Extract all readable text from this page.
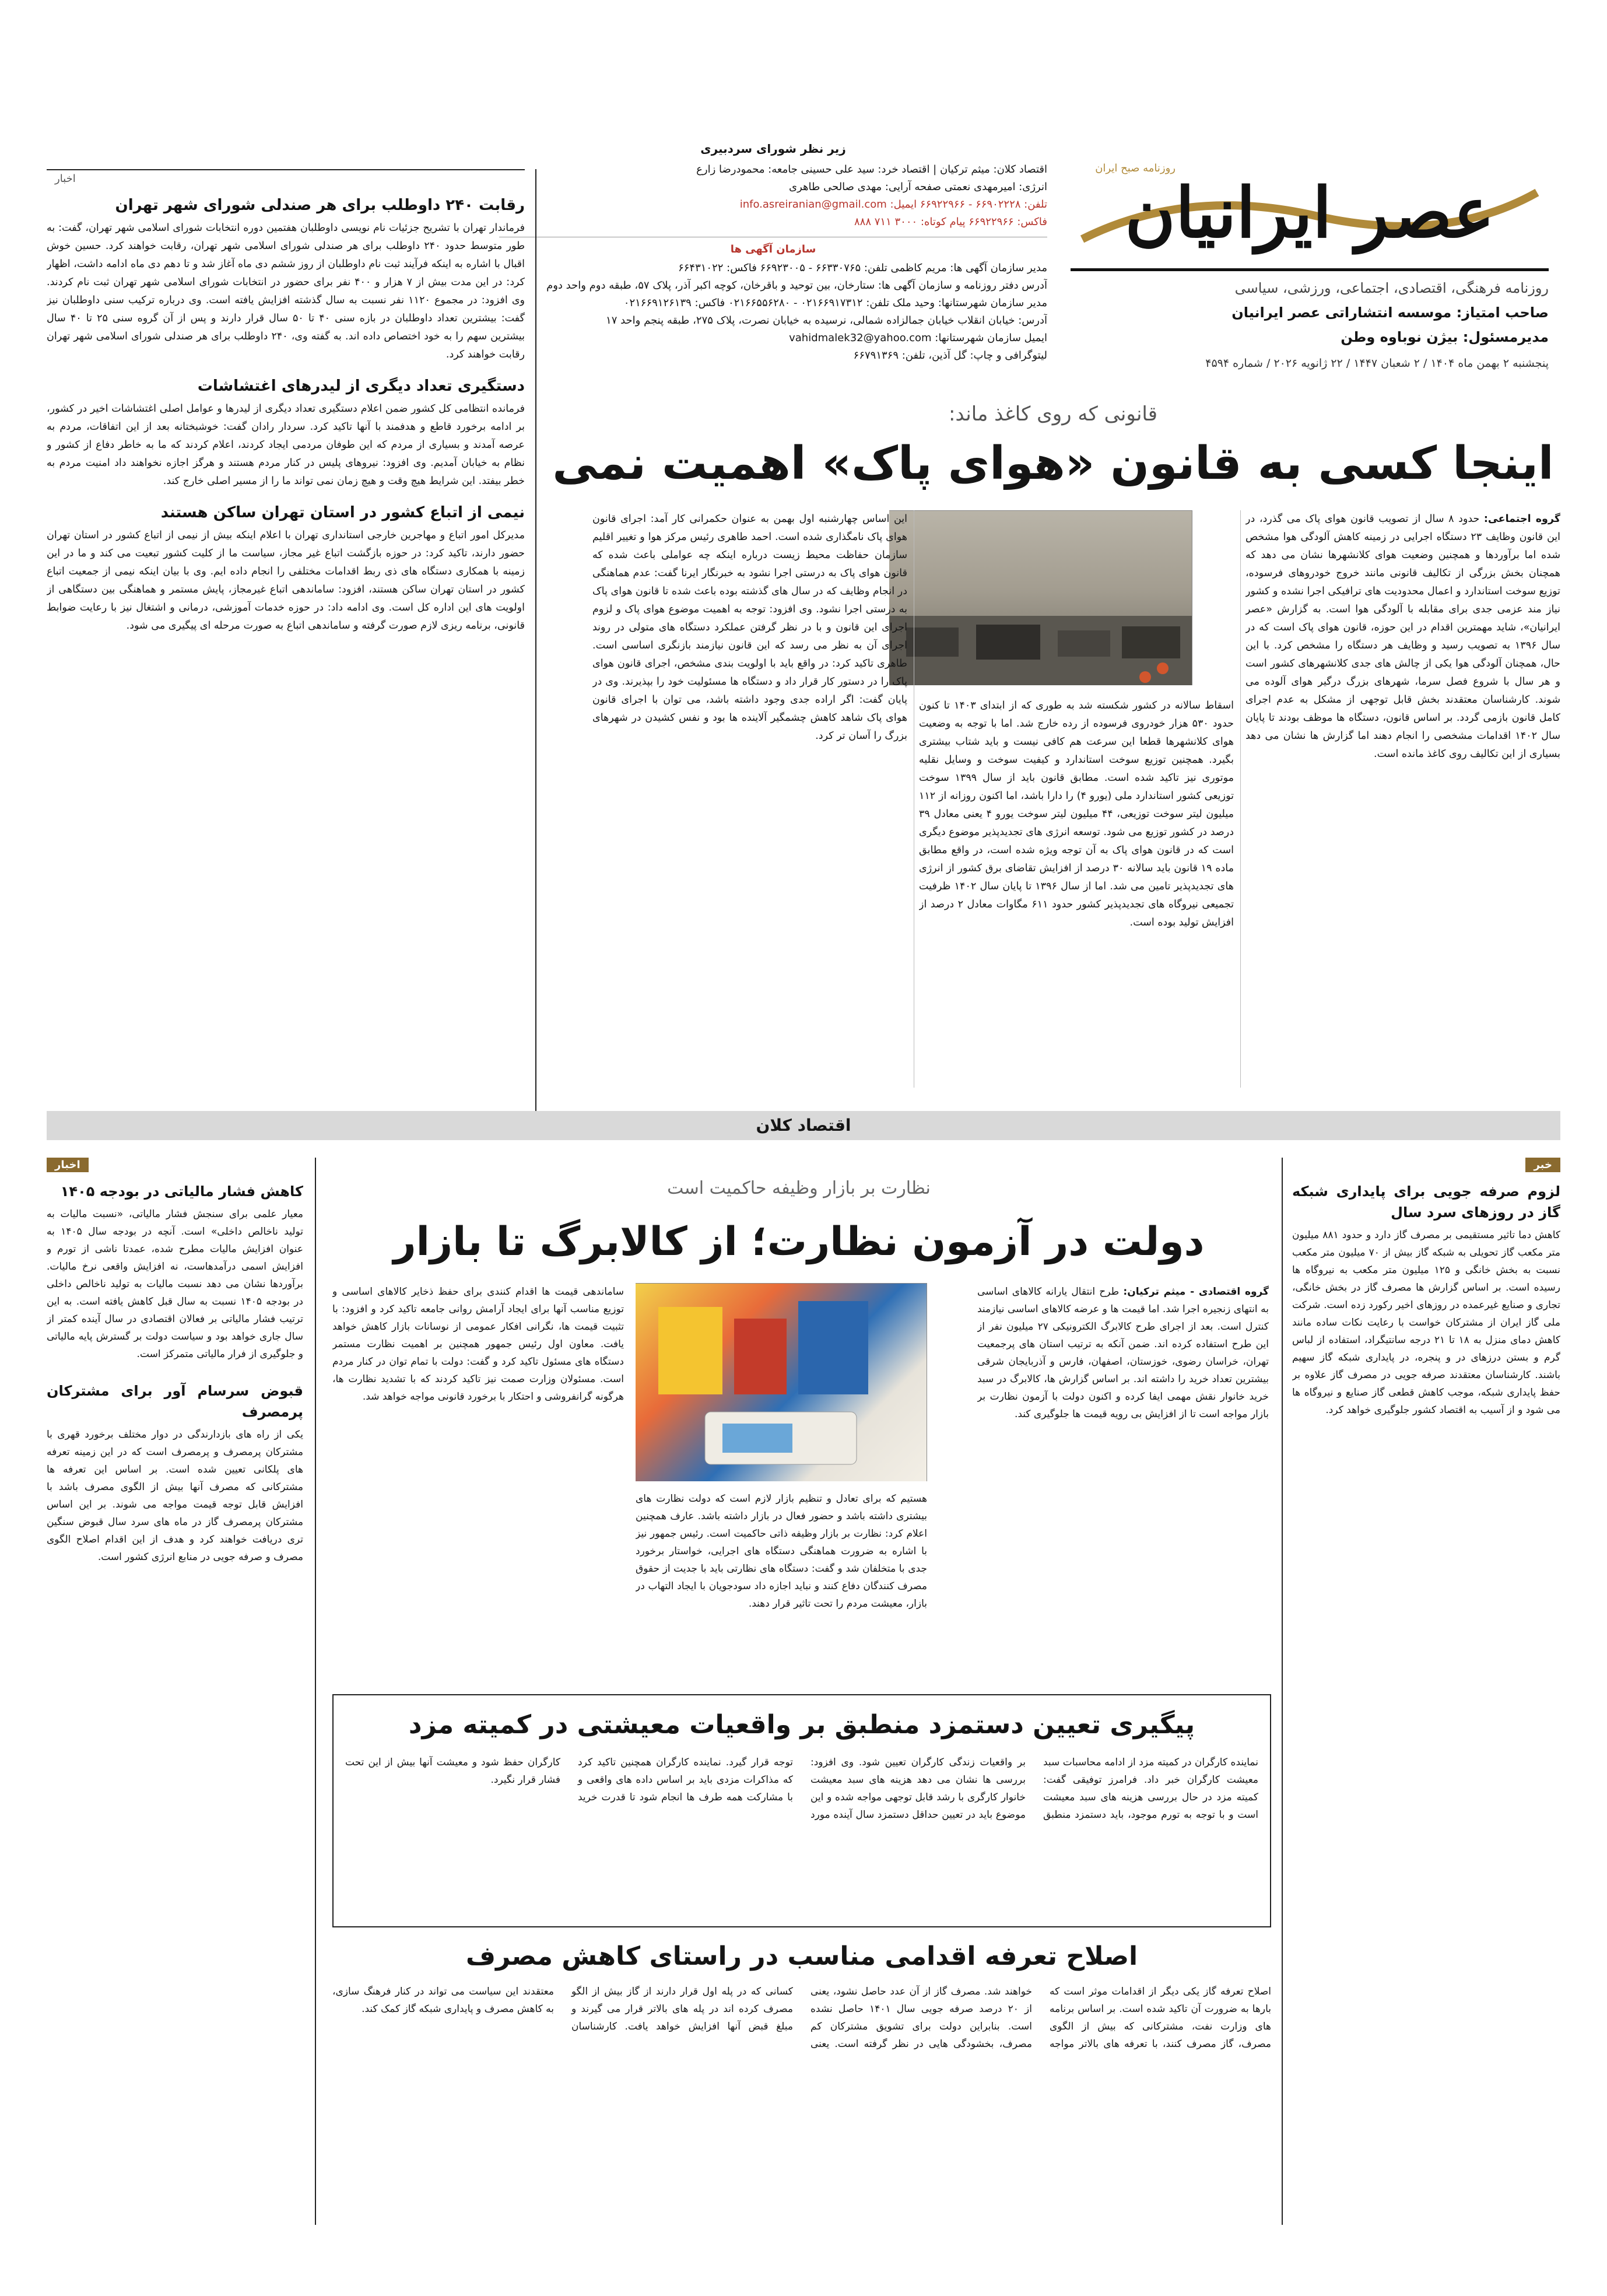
روزنامه صبح ایران
عصر ایرانیان
روزنامه فرهنگی، اقتصادی، اجتماعی، ورزشی، سیاسی
صاحب امتیاز: موسسه انتشاراتی عصر ایرانیان
مدیرمسئول: بیژن نوباوه وطن
پنجشنبه ۲ بهمن ماه ۱۴۰۴ / ۲ شعبان ۱۴۴۷ / ۲۲ ژانویه ۲۰۲۶ / شماره ۴۵۹۴
زیر نظر شورای سردبیری
اقتصاد کلان: میثم ترکیان | اقتصاد خرد: سید علی حسینی جامعه: محمودرضا زارع
انرژی: امیرمهدی نعمتی صفحه آرایی: مهدی صالحی طاهری
تلفن: ۶۶۹۰۲۲۲۸ - ۶۶۹۲۲۹۶۶ ایمیل: info.asreiranian@gmail.com
فاکس: ۶۶۹۲۲۹۶۶ پیام کوتاه: ۳۰۰۰ ۷۱۱ ۸۸۸
سازمان آگهی ها
مدیر سازمان آگهی ها: مریم کاظمی تلفن: ۶۶۳۳۰۷۶۵ - ۶۶۹۲۳۰۰۵ فاکس: ۶۶۴۳۱۰۲۲
آدرس دفتر روزنامه و سازمان آگهی ها: ستارخان، بین توحید و باقرخان، کوچه اکبر آذر، پلاک ۵۷، طبقه دوم واحد دوم
مدیر سازمان شهرستانها: وحید ملک تلفن: ۰۲۱۶۶۹۱۷۳۱۲ - ۰۲۱۶۶۵۵۶۲۸۰ فاکس: ۰۲۱۶۶۹۱۲۶۱۳۹
آدرس: خیابان انقلاب خیابان جمالزاده شمالی، نرسیده به خیابان نصرت، پلاک ۲۷۵، طبقه پنجم واحد ۱۷
ایمیل سازمان شهرستانها: vahidmalek32@yahoo.com
لیتوگرافی و چاپ: گل آذین، تلفن: ۶۶۷۹۱۳۶۹
اخبار
رقابت ۲۴۰ داوطلب برای هر صندلی شورای شهر تهران

فرماندار تهران با تشریح جزئیات نام نویسی داوطلبان هفتمین دوره انتخابات شورای اسلامی شهر تهران، گفت: به طور متوسط حدود ۲۴۰ داوطلب برای هر صندلی شورای اسلامی شهر تهران، رقابت خواهند کرد. حسین خوش اقبال با اشاره به اینکه فرآیند ثبت نام داوطلبان از روز ششم دی ماه آغاز شد و تا دهم دی ماه ادامه داشت، اظهار کرد: در این مدت بیش از ۷ هزار و ۴۰۰ نفر برای حضور در انتخابات شورای اسلامی شهر تهران ثبت نام کردند. وی افزود: در مجموع ۱۱۲۰ نفر نسبت به سال گذشته افزایش یافته است. وی درباره ترکیب سنی داوطلبان نیز گفت: بیشترین تعداد داوطلبان در بازه سنی ۴۰ تا ۵۰ سال قرار دارند و پس از آن گروه سنی ۲۵ تا ۴۰ سال بیشترین سهم را به خود اختصاص داده اند. به گفته وی، ۲۴۰ داوطلب برای هر صندلی شورای اسلامی شهر تهران رقابت خواهند کرد.

دستگیری تعداد دیگری از لیدرهای اغتشاشات

فرمانده انتظامی کل کشور ضمن اعلام دستگیری تعداد دیگری از لیدرها و عوامل اصلی اغتشاشات اخیر در کشور، بر ادامه برخورد قاطع و هدفمند با آنها تاکید کرد. سردار رادان گفت: خوشبختانه بعد از این اتفاقات، مردم به عرصه آمدند و بسیاری از مردم که این طوفان مردمی ایجاد کردند، اعلام کردند که ما به خاطر دفاع از کشور و نظام به خیابان آمدیم. وی افزود: نیروهای پلیس در کنار مردم هستند و هرگز اجازه نخواهند داد امنیت مردم به خطر بیفتد. این شرایط هیچ وقت و هیچ زمان نمی تواند ما را از مسیر اصلی خارج کند.

نیمی از اتباع کشور در استان تهران ساکن هستند

مدیرکل امور اتباع و مهاجرین خارجی استانداری تهران با اعلام اینکه بیش از نیمی از اتباع کشور در استان تهران حضور دارند، تاکید کرد: در حوزه بازگشت اتباع غیر مجاز، سیاست ما از کلیت کشور تبعیت می کند و ما در این زمینه با همکاری دستگاه های ذی ربط اقدامات مختلفی را انجام داده ایم. وی با بیان اینکه نیمی از جمعیت اتباع کشور در استان تهران ساکن هستند، افزود: ساماندهی اتباع غیرمجاز، پایش مستمر و هماهنگی بین دستگاهی از اولویت های این اداره کل است. وی ادامه داد: در حوزه خدمات آموزشی، درمانی و اشتغال نیز با رعایت ضوابط قانونی، برنامه ریزی لازم صورت گرفته و ساماندهی اتباع به صورت مرحله ای پیگیری می شود.

قانونی که روی کاغذ ماند:
اینجا کسی به قانون «هوای پاک» اهمیت نمی
گروه اجتماعی: حدود ۸ سال از تصویب قانون هوای پاک می گذرد، در این قانون وظایف ۲۳ دستگاه اجرایی در زمینه کاهش آلودگی هوا مشخص شده اما برآوردها و همچنین وضعیت هوای کلانشهرها نشان می دهد که همچنان بخش بزرگی از تکالیف قانونی مانند خروج خودروهای فرسوده، توزیع سوخت استاندارد و اعمال محدودیت های ترافیکی اجرا نشده و کشور نیاز مند عزمی جدی برای مقابله با آلودگی هوا است. به گزارش «عصر ایرانیان»، شاید مهمترین اقدام در این حوزه، قانون هوای پاک است که در سال ۱۳۹۶ به تصویب رسید و وظایف هر دستگاه را مشخص کرد. با این حال، همچنان آلودگی هوا یکی از چالش های جدی کلانشهرهای کشور است و هر سال با شروع فصل سرما، شهرهای بزرگ درگیر هوای آلوده می شوند. کارشناسان معتقدند بخش قابل توجهی از مشکل به عدم اجرای کامل قانون بازمی گردد. بر اساس قانون، دستگاه ها موظف بودند تا پایان سال ۱۴۰۲ اقدامات مشخصی را انجام دهند اما گزارش ها نشان می دهد بسیاری از این تکالیف روی کاغذ مانده است.
اسقاط سالانه در کشور شکسته شد به طوری که از ابتدای ۱۴۰۳ تا کنون حدود ۵۳۰ هزار خودروی فرسوده از رده خارج شد. اما با توجه به وضعیت هوای کلانشهرها قطعا این سرعت هم کافی نیست و باید شتاب بیشتری بگیرد. همچنین توزیع سوخت استاندارد و کیفیت سوخت و وسایل نقلیه موتوری نیز تاکید شده است. مطابق قانون باید از سال ۱۳۹۹ سوخت توزیعی کشور استاندارد ملی (یورو ۴) را دارا باشد، اما اکنون روزانه از ۱۱۲ میلیون لیتر سوخت توزیعی، ۴۴ میلیون لیتر سوخت یورو ۴ یعنی معادل ۳۹ درصد در کشور توزیع می شود. توسعه انرژی های تجدیدپذیر موضوع دیگری است که در قانون هوای پاک به آن توجه ویژه شده است، در واقع مطابق ماده ۱۹ قانون باید سالانه ۳۰ درصد از افزایش تقاضای برق کشور از انرژی های تجدیدپذیر تامین می شد. اما از سال ۱۳۹۶ تا پایان سال ۱۴۰۲ ظرفیت تجمیعی نیروگاه های تجدیدپذیر کشور حدود ۶۱۱ مگاوات معادل ۲ درصد از افزایش تولید بوده است.
این اساس چهارشنبه اول بهمن به عنوان حکمرانی کار آمد: اجرای قانون هوای پاک نامگذاری شده است. احمد طاهری رئیس مرکز هوا و تغییر اقلیم سازمان حفاظت محیط زیست درباره اینکه چه عواملی باعث شده که قانون هوای پاک به درستی اجرا نشود به خبرنگار ایرنا گفت: عدم هماهنگی در انجام وظایف که در سال های گذشته بوده باعث شده تا قانون هوای پاک به درستی اجرا نشود. وی افزود: توجه به اهمیت موضوع هوای پاک و لزوم اجرای این قانون و با در نظر گرفتن عملکرد دستگاه های متولی در روند اجرای آن به نظر می رسد که این قانون نیازمند بازنگری اساسی است. طاهری تاکید کرد: در واقع باید با اولویت بندی مشخص، اجرای قانون هوای پاک را در دستور کار قرار داد و دستگاه ها مسئولیت خود را بپذیرند. وی در پایان گفت: اگر اراده جدی وجود داشته باشد، می توان با اجرای قانون هوای پاک شاهد کاهش چشمگیر آلاینده ها بود و نفس کشیدن در شهرهای بزرگ را آسان تر کرد.
اقتصاد کلان
اخبار
کاهش فشار مالیاتی در بودجه ۱۴۰۵

معیار علمی برای سنجش فشار مالیاتی، «نسبت مالیات به تولید ناخالص داخلی» است. آنچه در بودجه سال ۱۴۰۵ به عنوان افزایش مالیات مطرح شده، عمدتا ناشی از تورم و افزایش اسمی درآمدهاست، نه افزایش واقعی نرخ مالیات. برآوردها نشان می دهد نسبت مالیات به تولید ناخالص داخلی در بودجه ۱۴۰۵ نسبت به سال قبل کاهش یافته است. به این ترتیب فشار مالیاتی بر فعالان اقتصادی در سال آینده کمتر از سال جاری خواهد بود و سیاست دولت بر گسترش پایه مالیاتی و جلوگیری از فرار مالیاتی متمرکز است.

قبوض سرسام آور برای مشترکان پرمصرف

یکی از راه های بازدارندگی در دوار مختلف برخورد قهری با مشترکان پرمصرف و پرمصرف است که در این زمینه تعرفه های پلکانی تعیین شده است. بر اساس این تعرفه ها مشترکانی که مصرف آنها بیش از الگوی مصرف باشد با افزایش قابل توجه قیمت مواجه می شوند. بر این اساس مشترکان پرمصرف گاز در ماه های سرد سال قبوض سنگین تری دریافت خواهند کرد و هدف از این اقدام اصلاح الگوی مصرف و صرفه جویی در منابع انرژی کشور است.

خبر
لزوم صرفه جویی برای پایداری شبکه گاز در روزهای سرد سال

کاهش دما تاثیر مستقیمی بر مصرف گاز دارد و حدود ۸۸۱ میلیون متر مکعب گاز تحویلی به شبکه گاز بیش از ۷۰ میلیون متر مکعب نسبت به بخش خانگی و ۱۲۵ میلیون متر مکعب به نیروگاه ها رسیده است. بر اساس گزارش ها مصرف گاز در بخش خانگی، تجاری و صنایع غیرعمده در روزهای اخیر رکورد زده است. شرکت ملی گاز ایران از مشترکان خواست با رعایت نکات ساده مانند کاهش دمای منزل به ۱۸ تا ۲۱ درجه سانتیگراد، استفاده از لباس گرم و بستن درزهای در و پنجره، در پایداری شبکه گاز سهیم باشند. کارشناسان معتقدند صرفه جویی در مصرف گاز علاوه بر حفظ پایداری شبکه، موجب کاهش قطعی گاز صنایع و نیروگاه ها می شود و از آسیب به اقتصاد کشور جلوگیری خواهد کرد.

نظارت بر بازار وظیفه حاکمیت است
دولت در آزمون نظارت؛ از کالابرگ تا بازار
گروه اقتصادی - میثم ترکیان: طرح انتقال یارانه کالاهای اساسی به انتهای زنجیره اجرا شد. اما قیمت ها و عرضه کالاهای اساسی نیازمند کنترل است. بعد از اجرای طرح کالابرگ الکترونیکی ۲۷ میلیون نفر از این طرح استفاده کرده اند. ضمن آنکه به ترتیب استان های پرجمعیت تهران، خراسان رضوی، خوزستان، اصفهان، فارس و آذربایجان شرقی بیشترین تعداد خرید را داشته اند. بر اساس گزارش ها، کالابرگ در سبد خرید خانوار نقش مهمی ایفا کرده و اکنون دولت با آزمون نظارت بر بازار مواجه است تا از افزایش بی رویه قیمت ها جلوگیری کند.
هستیم که برای تعادل و تنظیم بازار لازم است که دولت نظارت های بیشتری داشته باشد و حضور فعال در بازار داشته باشد. عارف همچنین اعلام کرد: نظارت بر بازار وظیفه ذاتی حاکمیت است. رئیس جمهور نیز با اشاره به ضرورت هماهنگی دستگاه های اجرایی، خواستار برخورد جدی با متخلفان شد و گفت: دستگاه های نظارتی باید با جدیت از حقوق مصرف کنندگان دفاع کنند و نباید اجازه داد سودجویان با ایجاد التهاب در بازار، معیشت مردم را تحت تاثیر قرار دهند.
ساماندهی قیمت ها اقدام کنندی برای حفظ ذخایر کالاهای اساسی و توزیع مناسب آنها برای ایجاد آرامش روانی جامعه تاکید کرد و افزود: با تثبیت قیمت ها، نگرانی افکار عمومی از نوسانات بازار کاهش خواهد یافت. معاون اول رئیس جمهور همچنین بر اهمیت نظارت مستمر دستگاه های مسئول تاکید کرد و گفت: دولت با تمام توان در کنار مردم است. مسئولان وزارت صمت نیز تاکید کردند که با تشدید نظارت ها، هرگونه گرانفروشی و احتکار با برخورد قانونی مواجه خواهد شد.
پیگیری تعیین دستمزد منطبق بر واقعیات معیشتی در کمیته مزد
نماینده کارگران در کمیته مزد از ادامه محاسبات سبد معیشت کارگران خبر داد. فرامرز توفیقی گفت: کمیته مزد در حال بررسی هزینه های سبد معیشت است و با توجه به تورم موجود، باید دستمزد منطبق بر واقعیات زندگی کارگران تعیین شود. وی افزود: بررسی ها نشان می دهد هزینه های سبد معیشت خانوار کارگری با رشد قابل توجهی مواجه شده و این موضوع باید در تعیین حداقل دستمزد سال آینده مورد توجه قرار گیرد. نماینده کارگران همچنین تاکید کرد که مذاکرات مزدی باید بر اساس داده های واقعی و با مشارکت همه طرف ها انجام شود تا قدرت خرید کارگران حفظ شود و معیشت آنها بیش از این تحت فشار قرار نگیرد.
اصلاح تعرفه اقدامی مناسب در راستای کاهش مصرف
اصلاح تعرفه گاز یکی دیگر از اقدامات موثر است که بارها به ضرورت آن تاکید شده است. بر اساس برنامه های وزارت نفت، مشترکانی که بیش از الگوی مصرف، گاز مصرف کنند، با تعرفه های بالاتر مواجه خواهند شد. مصرف گاز از آن عدد حاصل نشود، یعنی از ۲۰ درصد صرفه جویی سال ۱۴۰۱ حاصل نشده است. بنابراین دولت برای تشویق مشترکان کم مصرف، بخشودگی هایی در نظر گرفته است. یعنی کسانی که در پله اول قرار دارند از گاز بیش از الگو مصرف کرده اند در پله های بالاتر قرار می گیرند و مبلغ قبض آنها افزایش خواهد یافت. کارشناسان معتقدند این سیاست می تواند در کنار فرهنگ سازی، به کاهش مصرف و پایداری شبکه گاز کمک کند.
